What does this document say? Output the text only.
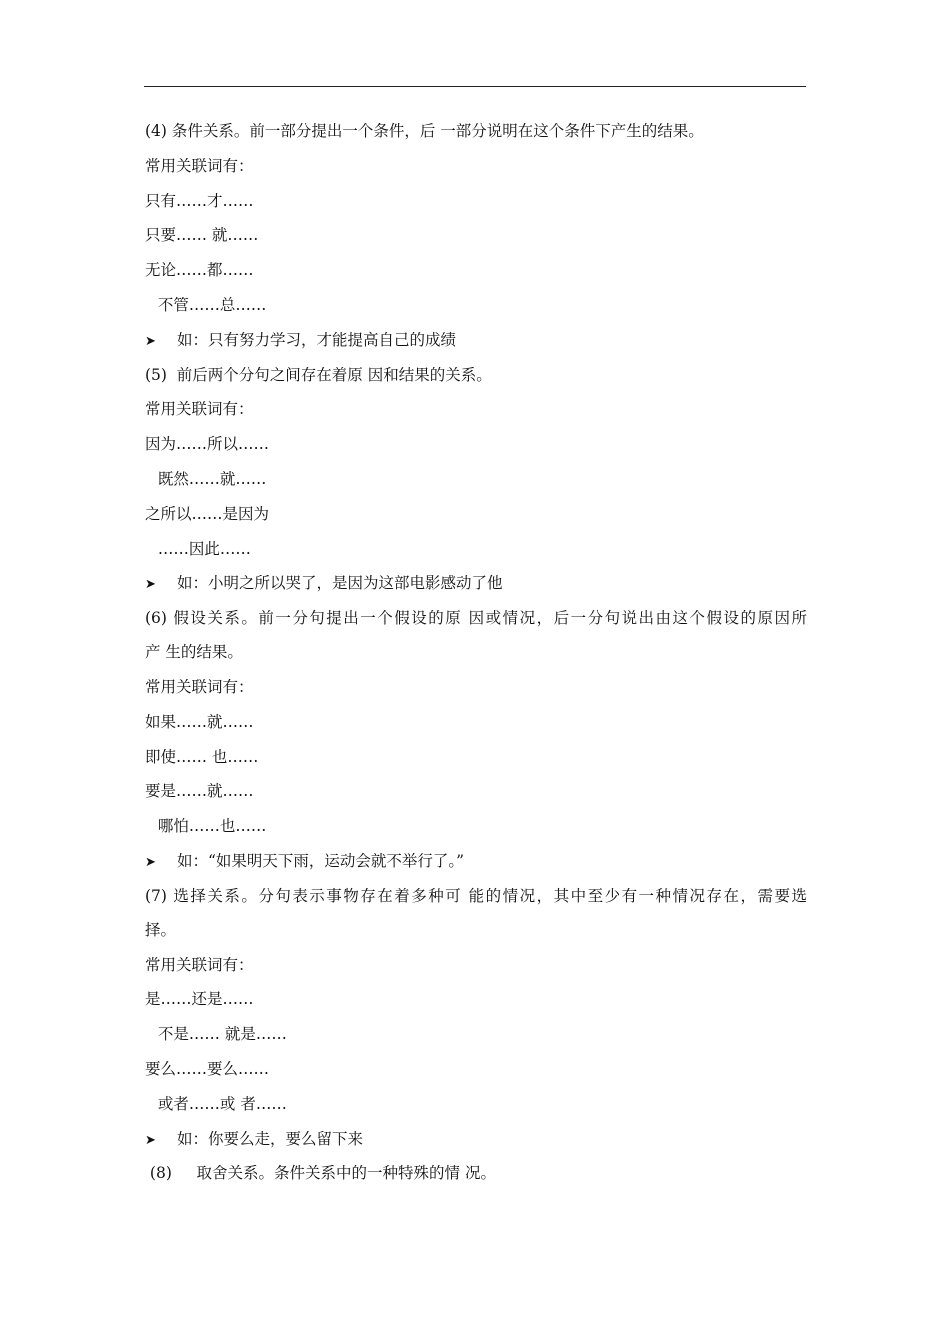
(4) 条件关系。前一部分提出一个条件，后 一部分说明在这个条件下产生的结果。
常用关联词有：
只有……才……
只要…… 就……
无论……都……
不管……总……
➤ 如：只有努力学习，才能提高自己的成绩
(5)  前后两个分句之间存在着原 因和结果的关系。
常用关联词有：
因为……所以……
既然……就……
之所以……是因为
……因此……
➤ 如：小明之所以哭了，是因为这部电影感动了他
(6) 假设关系。前一分句提出一个假设的原 因或情况，后一分句说出由这个假设的原因所
产 生的结果。
常用关联词有：
如果……就……
即使…… 也……
要是……就……
哪怕……也……
➤ 如：“如果明天下雨，运动会就不举行了。”
(7) 选择关系。分句表示事物存在着多种可 能的情况，其中至少有一种情况存在，需要选
择。
常用关联词有：
是……还是……
不是…… 就是……
要么……要么……
或者……或 者……
➤ 如：你要么走，要么留下来
(8)     取舍关系。条件关系中的一种特殊的情 况。
